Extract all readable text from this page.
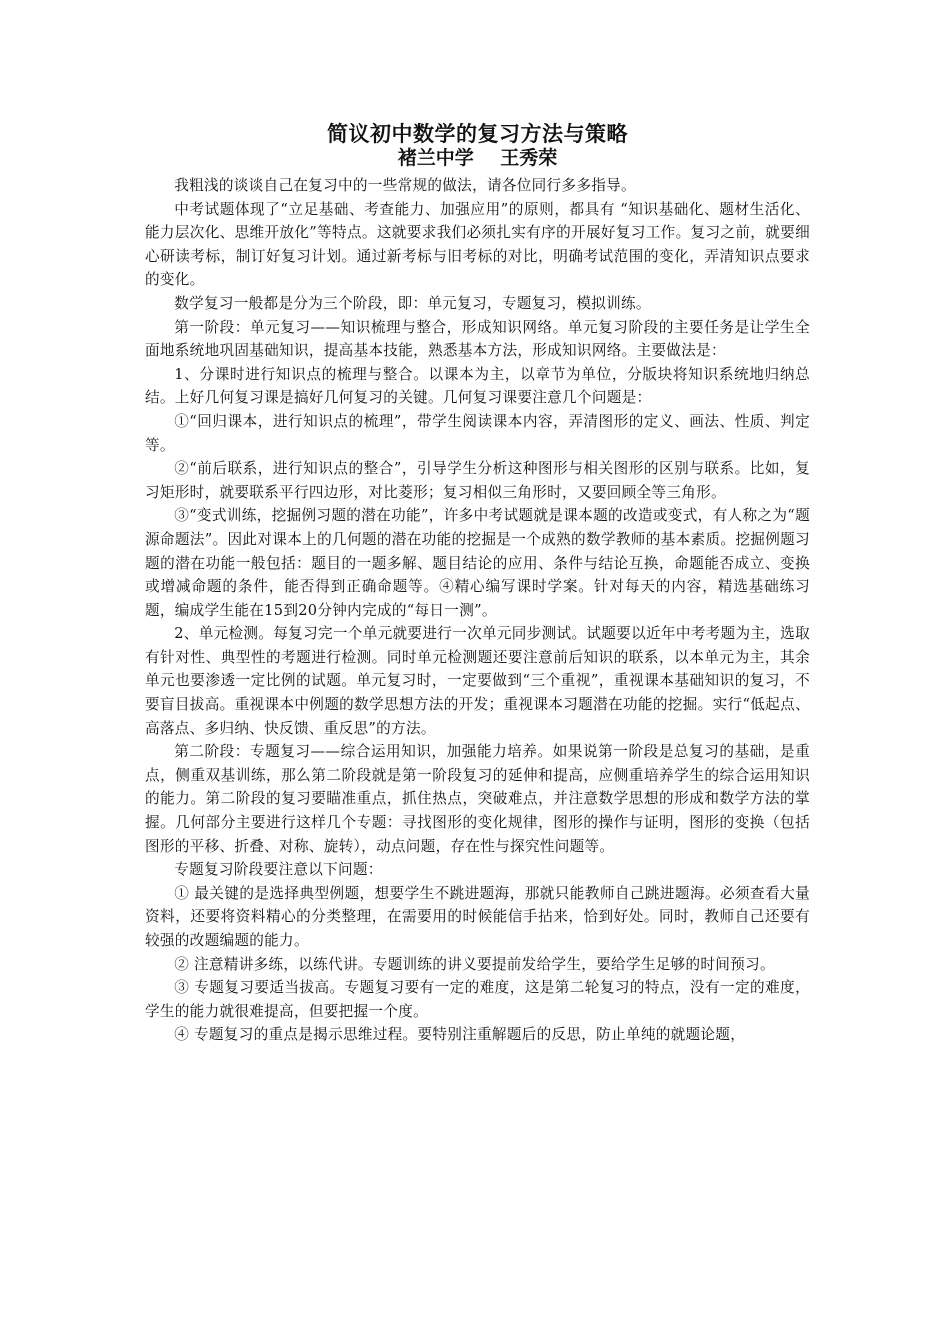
简议初中数学的复习方法与策略
褚兰中学    王秀荣

我粗浅的谈谈自己在复习中的一些常规的做法，请各位同行多多指导。

中考试题体现了“立足基础、考查能力、加强应用”的原则，都具有 “知识基础化、题材生活化、能力层次化、思维开放化”等特点。这就要求我们必须扎实有序的开展好复习工作。复习之前，就要细心研读考标，制订好复习计划。通过新考标与旧考标的对比，明确考试范围的变化，弄清知识点要求的变化。

数学复习一般都是分为三个阶段，即：单元复习，专题复习，模拟训练。

第一阶段：单元复习——知识梳理与整合，形成知识网络。单元复习阶段的主要任务是让学生全面地系统地巩固基础知识，提高基本技能，熟悉基本方法，形成知识网络。主要做法是：

1、分课时进行知识点的梳理与整合。以课本为主，以章节为单位，分版块将知识系统地归纳总结。上好几何复习课是搞好几何复习的关键。几何复习课要注意几个问题是：

①“回归课本，进行知识点的梳理”，带学生阅读课本内容，弄清图形的定义、画法、性质、判定等。

②“前后联系，进行知识点的整合”，引导学生分析这种图形与相关图形的区别与联系。比如，复习矩形时，就要联系平行四边形，对比菱形；复习相似三角形时，又要回顾全等三角形。

③“变式训练，挖掘例习题的潜在功能”，许多中考试题就是课本题的改造或变式，有人称之为“题源命题法”。因此对课本上的几何题的潜在功能的挖掘是一个成熟的数学教师的基本素质。挖掘例题习题的潜在功能一般包括：题目的一题多解、题目结论的应用、条件与结论互换，命题能否成立、变换或增减命题的条件，能否得到正确命题等。④精心编写课时学案。针对每天的内容，精选基础练习题，编成学生能在15到20分钟内完成的“每日一测”。

2、单元检测。每复习完一个单元就要进行一次单元同步测试。试题要以近年中考考题为主，选取有针对性、典型性的考题进行检测。同时单元检测题还要注意前后知识的联系，以本单元为主，其余单元也要渗透一定比例的试题。单元复习时，一定要做到“三个重视”，重视课本基础知识的复习，不要盲目拔高。重视课本中例题的数学思想方法的开发；重视课本习题潜在功能的挖掘。实行“低起点、高落点、多归纳、快反馈、重反思”的方法。

第二阶段：专题复习——综合运用知识，加强能力培养。如果说第一阶段是总复习的基础，是重点，侧重双基训练，那么第二阶段就是第一阶段复习的延伸和提高，应侧重培养学生的综合运用知识的能力。第二阶段的复习要瞄准重点，抓住热点，突破难点，并注意数学思想的形成和数学方法的掌握。几何部分主要进行这样几个专题：寻找图形的变化规律，图形的操作与证明，图形的变换（包括图形的平移、折叠、对称、旋转），动点问题，存在性与探究性问题等。

专题复习阶段要注意以下问题：

① 最关键的是选择典型例题，想要学生不跳进题海，那就只能教师自己跳进题海。必须查看大量资料，还要将资料精心的分类整理，在需要用的时候能信手拈来，恰到好处。同时，教师自己还要有较强的改题编题的能力。

② 注意精讲多练，以练代讲。专题训练的讲义要提前发给学生，要给学生足够的时间预习。

③ 专题复习要适当拔高。专题复习要有一定的难度，这是第二轮复习的特点，没有一定的难度，学生的能力就很难提高，但要把握一个度。

④ 专题复习的重点是揭示思维过程。要特别注重解题后的反思，防止单纯的就题论题，
